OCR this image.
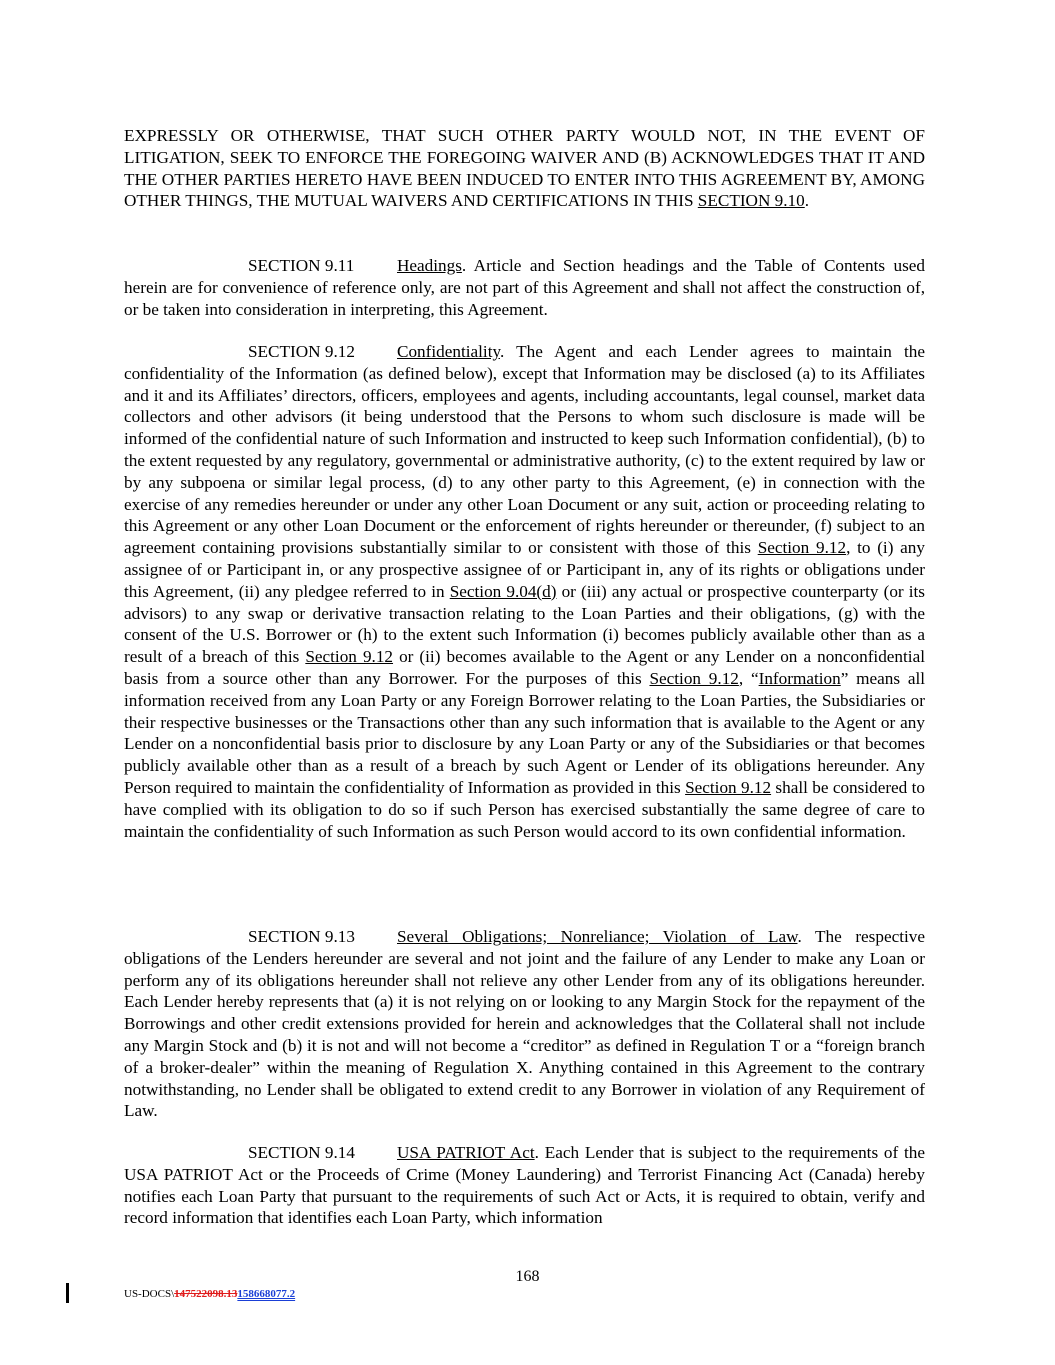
EXPRESSLY OR OTHERWISE, THAT SUCH OTHER PARTY WOULD NOT, IN THE EVENT OF LITIGATION, SEEK TO ENFORCE THE FOREGOING WAIVER AND (B) ACKNOWLEDGES THAT IT AND THE OTHER PARTIES HERETO HAVE BEEN INDUCED TO ENTER INTO THIS AGREEMENT BY, AMONG OTHER THINGS, THE MUTUAL WAIVERS AND CERTIFICATIONS IN THIS SECTION 9.10.

SECTION 9.11 Headings. Article and Section headings and the Table of Contents used herein are for convenience of reference only, are not part of this Agreement and shall not affect the construction of, or be taken into consideration in interpreting, this Agreement.

SECTION 9.12 Confidentiality. The Agent and each Lender agrees to maintain the confidentiality of the Information (as defined below), except that Information may be disclosed (a) to its Affiliates and it and its Affiliates’ directors, officers, employees and agents, including accountants, legal counsel, market data collectors and other advisors (it being understood that the Persons to whom such disclosure is made will be informed of the confidential nature of such Information and instructed to keep such Information confidential), (b) to the extent requested by any regulatory, governmental or administrative authority, (c) to the extent required by law or by any subpoena or similar legal process, (d) to any other party to this Agreement, (e) in connection with the exercise of any remedies hereunder or under any other Loan Document or any suit, action or proceeding relating to this Agreement or any other Loan Document or the enforcement of rights hereunder or thereunder, (f) subject to an agreement containing provisions substantially similar to or consistent with those of this Section 9.12, to (i) any assignee of or Participant in, or any prospective assignee of or Participant in, any of its rights or obligations under this Agreement, (ii) any pledgee referred to in Section 9.04(d) or (iii) any actual or prospective counterparty (or its advisors) to any swap or derivative transaction relating to the Loan Parties and their obligations, (g) with the consent of the U.S. Borrower or (h) to the extent such Information (i) becomes publicly available other than as a result of a breach of this Section 9.12 or (ii) becomes available to the Agent or any Lender on a nonconfidential basis from a source other than any Borrower. For the purposes of this Section 9.12, “Information” means all information received from any Loan Party or any Foreign Borrower relating to the Loan Parties, the Subsidiaries or their respective businesses or the Transactions other than any such information that is available to the Agent or any Lender on a nonconfidential basis prior to disclosure by any Loan Party or any of the Subsidiaries or that becomes publicly available other than as a result of a breach by such Agent or Lender of its obligations hereunder. Any Person required to maintain the confidentiality of Information as provided in this Section 9.12 shall be considered to have complied with its obligation to do so if such Person has exercised substantially the same degree of care to maintain the confidentiality of such Information as such Person would accord to its own confidential information.

SECTION 9.13 Several Obligations; Nonreliance; Violation of Law. The respective obligations of the Lenders hereunder are several and not joint and the failure of any Lender to make any Loan or perform any of its obligations hereunder shall not relieve any other Lender from any of its obligations hereunder. Each Lender hereby represents that (a) it is not relying on or looking to any Margin Stock for the repayment of the Borrowings and other credit extensions provided for herein and acknowledges that the Collateral shall not include any Margin Stock and (b) it is not and will not become a “creditor” as defined in Regulation T or a “foreign branch of a broker-dealer” within the meaning of Regulation X. Anything contained in this Agreement to the contrary notwithstanding, no Lender shall be obligated to extend credit to any Borrower in violation of any Requirement of Law.

SECTION 9.14 USA PATRIOT Act. Each Lender that is subject to the requirements of the USA PATRIOT Act or the Proceeds of Crime (Money Laundering) and Terrorist Financing Act (Canada) hereby notifies each Loan Party that pursuant to the requirements of such Act or Acts, it is required to obtain, verify and record information that identifies each Loan Party, which information

168
US-DOCS\147522098.13158668077.2
